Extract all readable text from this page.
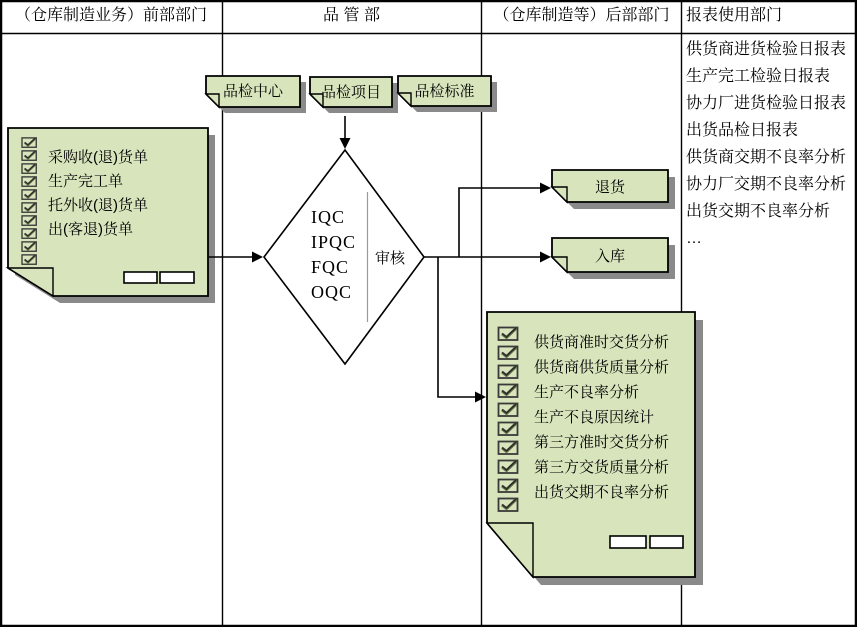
（仓库制造业务）前部部门	品 管 部	（仓库制造等）后部部门	报表使用部门
采购收(退)货单
生产完工单
托外收(退)货单
出(客退)货单
品检中心	品检项目	品检标准
IQC
IPQC
FQC
OQC
审核
退货
入库
供货商准时交货分析
供货商供货质量分析
生产不良率分析
生产不良原因统计
第三方准时交货分析
第三方交货质量分析
出货交期不良率分析
供货商进货检验日报表
生产完工检验日报表
协力厂进货检验日报表
出货品检日报表
供货商交期不良率分析
协力厂交期不良率分析
出货交期不良率分析
…
